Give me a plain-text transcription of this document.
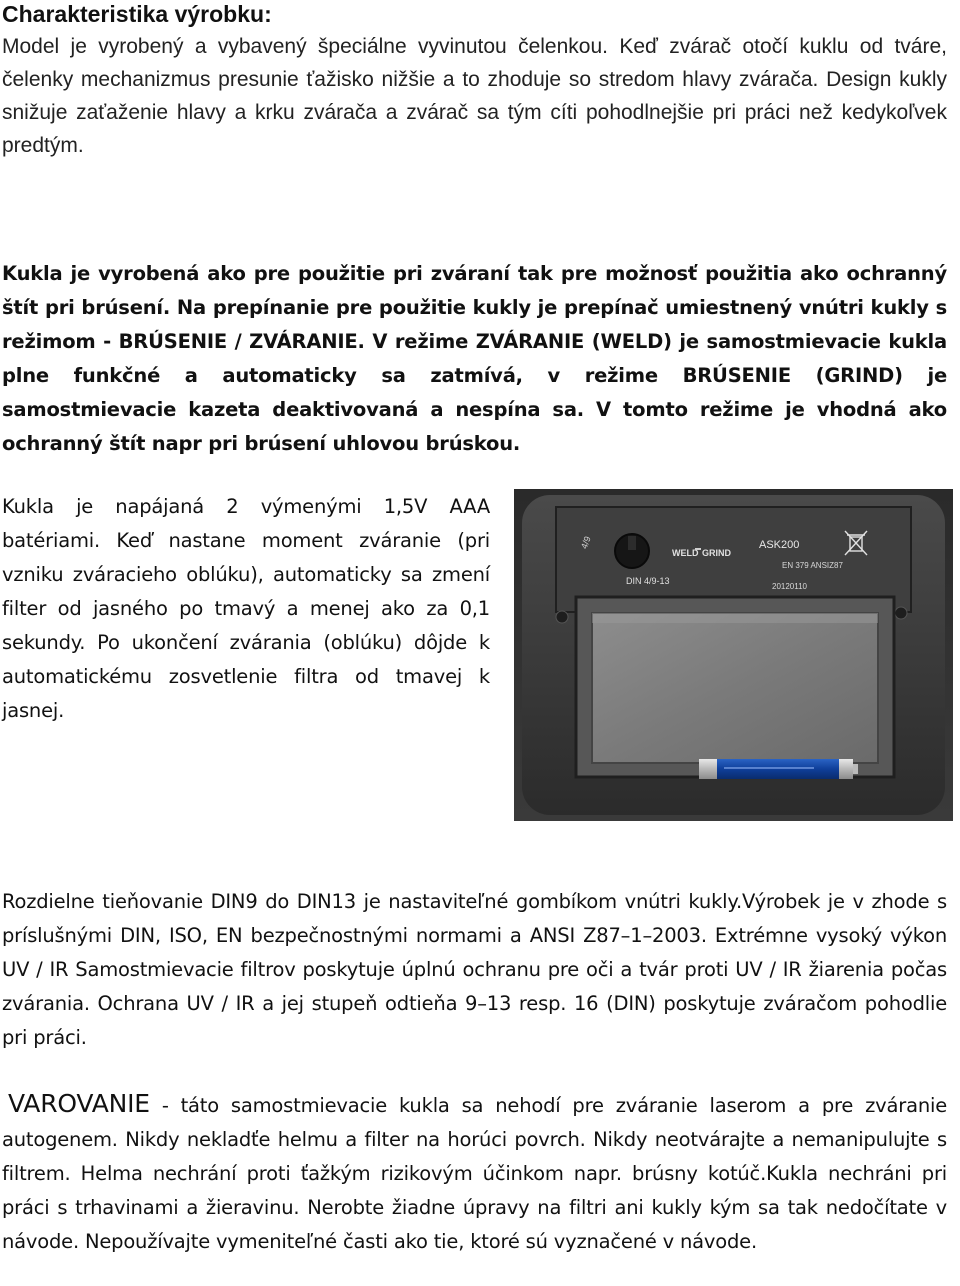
Charakteristika výrobku:

Model je vyrobený a vybavený špeciálne vyvinutou čelenkou. Keď zvárač otočí kuklu od tváre, čelenky mechanizmus presunie ťažisko nižšie a to zhoduje so stredom hlavy zvárača. Design kukly snižuje zaťaženie hlavy a krku zvárača a zvárač sa tým cíti pohodlnejšie pri práci než kedykoľvek predtým.

Kukla je vyrobená ako pre použitie pri zváraní tak pre možnosť použitia ako ochranný štít pri brúsení. Na prepínanie pre použitie kukly je prepínač umiestnený vnútri kukly s režimom - BRÚSENIE / ZVÁRANIE. V režime ZVÁRANIE (WELD) je samostmievacie kukla plne funkčné a automaticky sa zatmívá, v režime BRÚSENIE (GRIND) je samostmievacie kazeta deaktivovaná a nespína sa. V tomto režime je vhodná ako ochranný štít napr pri brúsení uhlovou brúskou.

Kukla je napájaná 2 výmenými 1,5V AAA batériami. Keď nastane moment zváranie (pri vzniku zváracieho oblúku), automaticky sa zmení filter od jasného po tmavý a menej ako za 0,1 sekundy. Po ukončení zvárania (oblúku) dôjde k automatickému zosvetlenie filtra od tmavej k jasnej.

4/9
WELD GRIND
ASK200
EN 379 ANSIZ87
DIN 4/9-13
20120110

Rozdielne tieňovanie DIN9 do DIN13 je nastaviteľné gombíkom vnútri kukly.Výrobek je v zhode s príslušnými DIN, ISO, EN bezpečnostnými normami a ANSI Z87–1–2003. Extrémne vysoký výkon UV / IR Samostmievacie filtrov poskytuje úplnú ochranu pre oči a tvár proti UV / IR žiarenia počas zvárania. Ochrana UV / IR a jej stupeň odtieňa 9–13 resp. 16 (DIN) poskytuje zváračom pohodlie pri práci.

VAROVANIE - táto samostmievacie kukla sa nehodí pre zváranie laserom a pre zváranie autogenem. Nikdy nekladťe helmu a filter na horúci povrch. Nikdy neotvárajte a nemanipulujte s filtrem. Helma nechrání proti ťažkým rizikovým účinkom napr. brúsny kotúč.Kukla nechráni pri práci s trhavinami a žieravinu. Nerobte žiadne úpravy na filtri ani kukly kým sa tak nedočítate v návode. Nepoužívajte vymeniteľné časti ako tie, ktoré sú vyznačené v návode.
